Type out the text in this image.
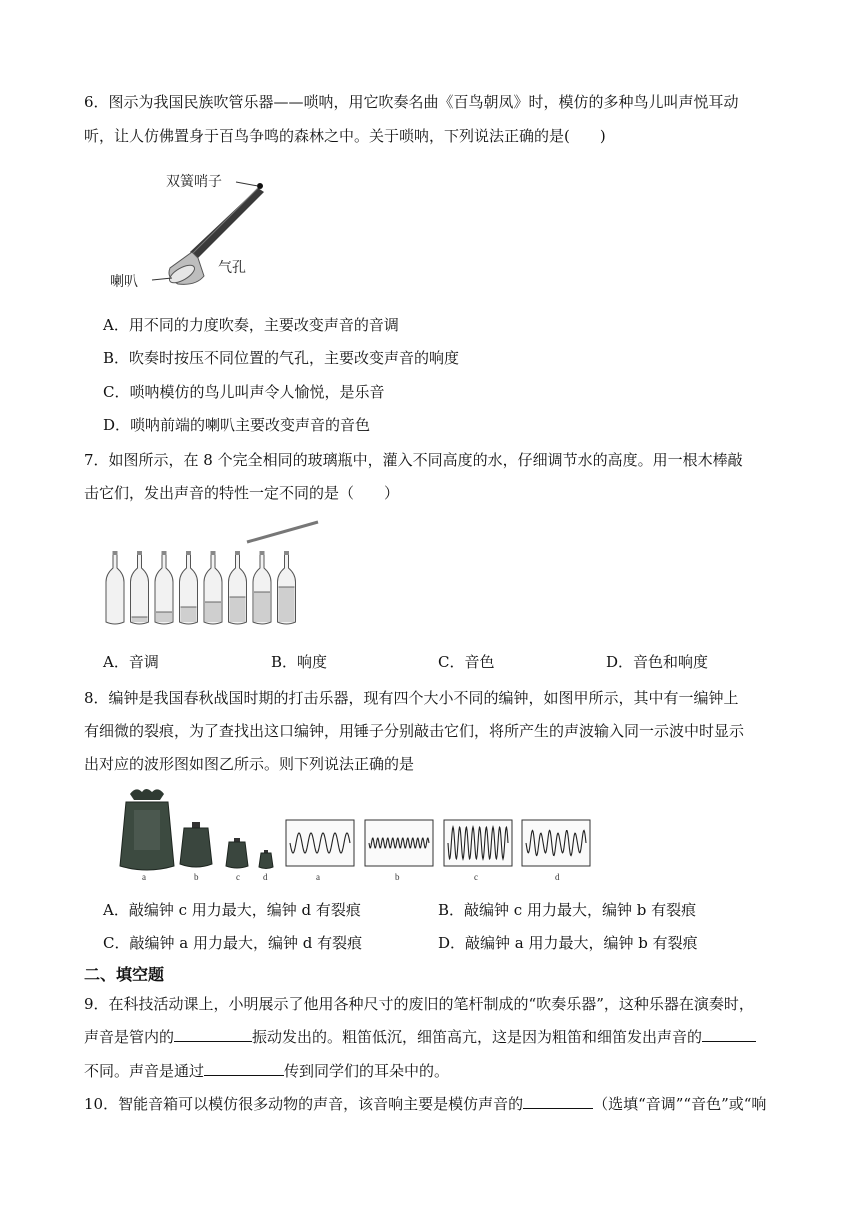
6．图示为我国民族吹管乐器——唢呐，用它吹奏名曲《百鸟朝凤》时，模仿的多种鸟儿叫声悦耳动
听，让人仿佛置身于百鸟争鸣的森林之中。关于唢呐，下列说法正确的是(　　)
双簧哨子
气孔
喇叭
A．用不同的力度吹奏，主要改变声音的音调
B．吹奏时按压不同位置的气孔，主要改变声音的响度
C．唢呐模仿的鸟儿叫声令人愉悦，是乐音
D．唢呐前端的喇叭主要改变声音的音色
7．如图所示，在 8 个完全相同的玻璃瓶中，灌入不同高度的水，仔细调节水的高度。用一根木棒敲
击它们，发出声音的特性一定不同的是（　　）
A．音调	B．响度	C．音色	D．音色和响度
8．编钟是我国春秋战国时期的打击乐器，现有四个大小不同的编钟，如图甲所示，其中有一编钟上
有细微的裂痕，为了查找出这口编钟，用锤子分别敲击它们，将所产生的声波输入同一示波中时显示
出对应的波形图如图乙所示。则下列说法正确的是
a	b	c	d	a	b	c	d
A．敲编钟 c 用力最大，编钟 d 有裂痕	B．敲编钟 c 用力最大，编钟 b 有裂痕
C．敲编钟 a 用力最大，编钟 d 有裂痕	D．敲编钟 a 用力最大，编钟 b 有裂痕
二、填空题
9．在科技活动课上，小明展示了他用各种尺寸的废旧的笔杆制成的“吹奏乐器”，这种乐器在演奏时，
声音是管内的	振动发出的。粗笛低沉，细笛高亢，这是因为粗笛和细笛发出声音的
不同。声音是通过	传到同学们的耳朵中的。
10．智能音箱可以模仿很多动物的声音，该音响主要是模仿声音的	（选填“音调”“音色”或“响
